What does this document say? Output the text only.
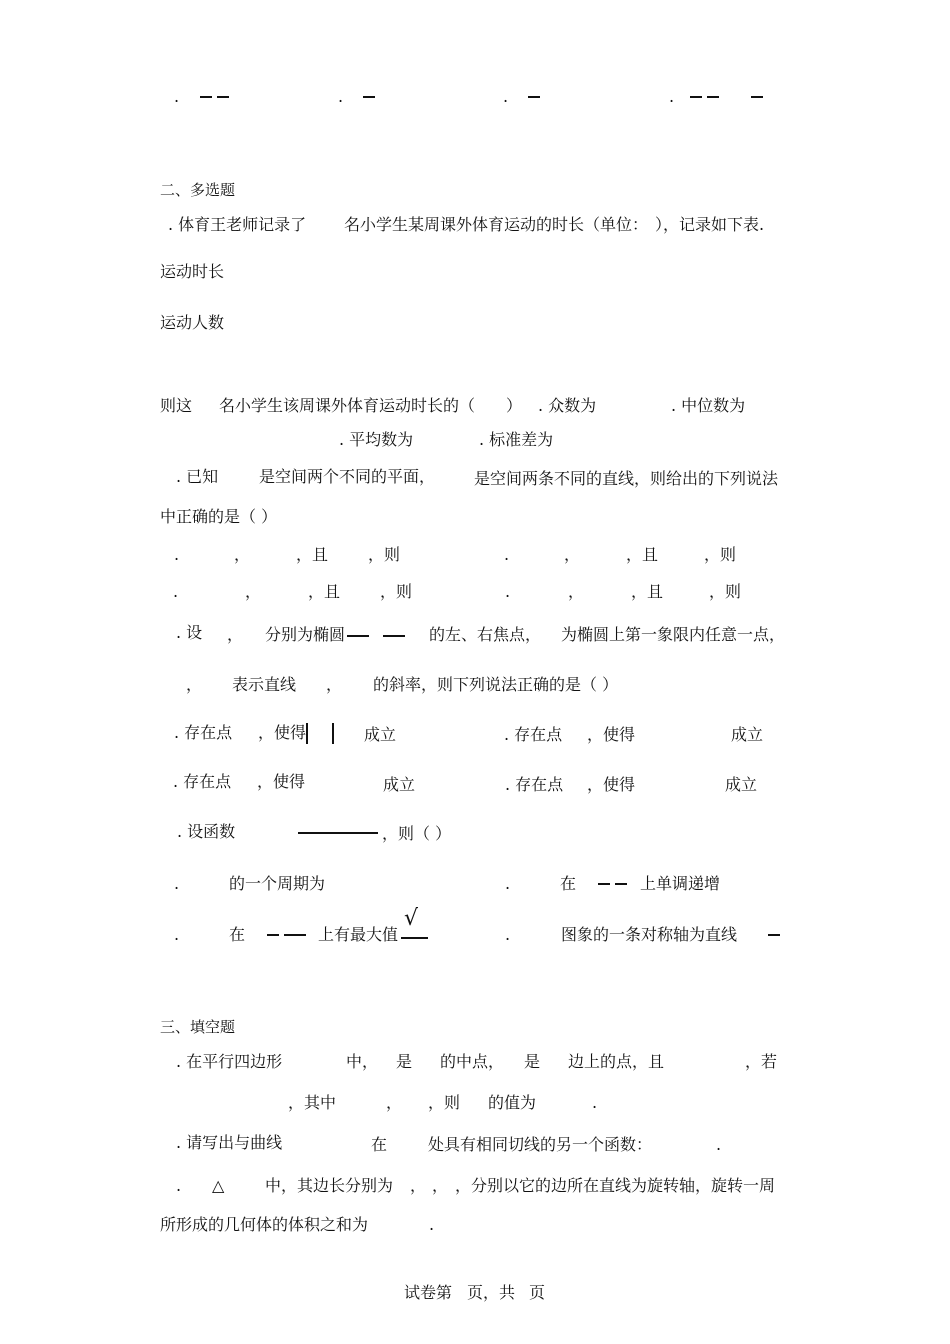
.	.	.	.
二、多选题
. 体育王老师记录了 名小学生某周课外体育运动的时长（单位： ），记录如下表.
运动时长
运动人数
则这 名小学生该周课外体育运动时长的（ ） . 众数为	. 中位数为
. 平均数为	. 标准差为
. 已知	是空间两个不同的平面， 是空间两条不同的直线，则给出的下列说法
中正确的是（ ）
.	，	，且 ，则	.	，	，且	，则
.	，	，且 ，则	.	，	，且	，则
. 设 ， 分别为椭圆	的左、右焦点， 为椭圆上第一象限内任意一点，
， 表示直线 ， 的斜率，则下列说法正确的是（ ）
. 存在点 ，使得	成立	. 存在点 ，使得	成立
. 存在点 ，使得	成立	. 存在点 ，使得	成立
. 设函数	，则（ ）
.	的一个周期为	.	在	上单调递增
.	在	上有最大值
√
.	图象的一条对称轴为直线
三、填空题
. 在平行四边形	中， 是 的中点， 是 边上的点，且	，若
，其中	， ，则 的值为	.
. 请写出与曲线	在	处具有相同切线的另一个函数：	.
. △	中，其边长分别为 ， ， ，分别以它的边所在直线为旋转轴，旋转一周
所形成的几何体的体积之和为	.
试卷第 页，共 页
